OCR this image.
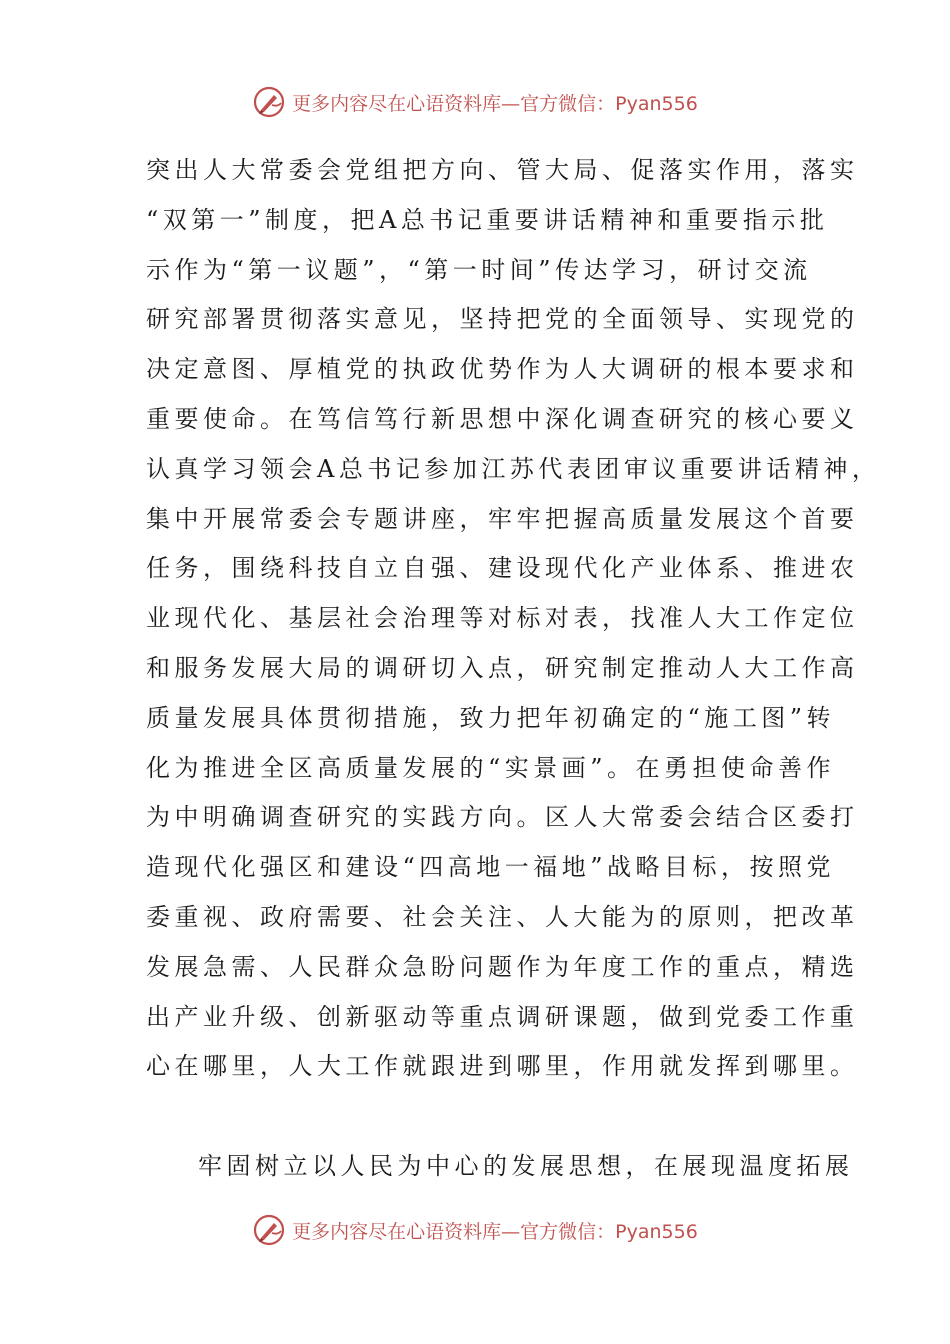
更多内容尽在心语资料库—官方微信：Pyan556
突出人大常委会党组把方向、管大局、促落实作用，落实
“双第一”制度，把A总书记重要讲话精神和重要指示批
示作为“第一议题”，“第一时间”传达学习，研讨交流
研究部署贯彻落实意见，坚持把党的全面领导、实现党的
决定意图、厚植党的执政优势作为人大调研的根本要求和
重要使命。在笃信笃行新思想中深化调查研究的核心要义
认真学习领会A总书记参加江苏代表团审议重要讲话精神，
集中开展常委会专题讲座，牢牢把握高质量发展这个首要
任务，围绕科技自立自强、建设现代化产业体系、推进农
业现代化、基层社会治理等对标对表，找准人大工作定位
和服务发展大局的调研切入点，研究制定推动人大工作高
质量发展具体贯彻措施，致力把年初确定的“施工图”转
化为推进全区高质量发展的“实景画”。在勇担使命善作
为中明确调查研究的实践方向。区人大常委会结合区委打
造现代化强区和建设“四高地一福地”战略目标，按照党
委重视、政府需要、社会关注、人大能为的原则，把改革
发展急需、人民群众急盼问题作为年度工作的重点，精选
出产业升级、创新驱动等重点调研课题，做到党委工作重
心在哪里，人大工作就跟进到哪里，作用就发挥到哪里。
牢固树立以人民为中心的发展思想，在展现温度拓展
更多内容尽在心语资料库—官方微信：Pyan556
